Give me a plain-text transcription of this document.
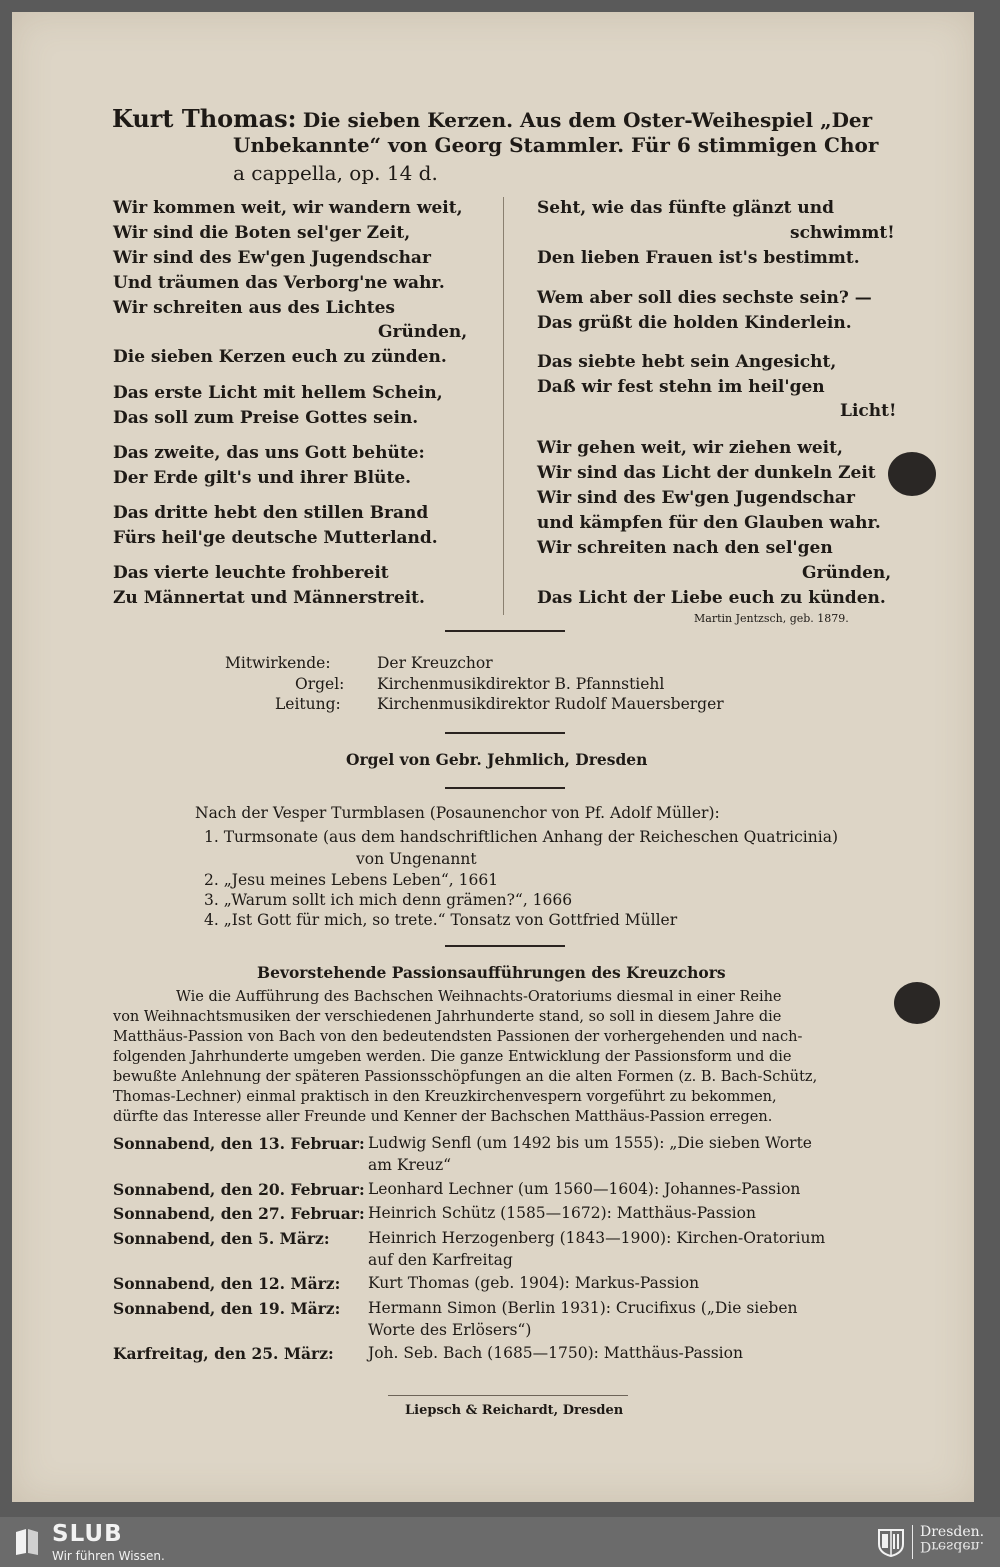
Kurt Thomas: Die sieben Kerzen. Aus dem Oster-Weihespiel „Der
Unbekannte“ von Georg Stammler. Für 6 stimmigen Chor
a cappella, op. 14 d.
Wir kommen weit, wir wandern weit,
Wir sind die Boten sel'ger Zeit,
Wir sind des Ew'gen Jugendschar
Und träumen das Verborg'ne wahr.
Wir schreiten aus des Lichtes
Gründen,
Die sieben Kerzen euch zu zünden.
Das erste Licht mit hellem Schein,
Das soll zum Preise Gottes sein.
Das zweite, das uns Gott behüte:
Der Erde gilt's und ihrer Blüte.
Das dritte hebt den stillen Brand
Fürs heil'ge deutsche Mutterland.
Das vierte leuchte frohbereit
Zu Männertat und Männerstreit.
Seht, wie das fünfte glänzt und
schwimmt!
Den lieben Frauen ist's bestimmt.
Wem aber soll dies sechste sein? —
Das grüßt die holden Kinderlein.
Das siebte hebt sein Angesicht,
Daß wir fest stehn im heil'gen
Licht!
Wir gehen weit, wir ziehen weit,
Wir sind das Licht der dunkeln Zeit
Wir sind des Ew'gen Jugendschar
und kämpfen für den Glauben wahr.
Wir schreiten nach den sel'gen
Gründen,
Das Licht der Liebe euch zu künden.
Martin Jentzsch, geb. 1879.
Mitwirkende:	Der Kreuzchor
Orgel: Kirchenmusikdirektor B. Pfannstiehl
Leitung: Kirchenmusikdirektor Rudolf Mauersberger
Orgel von Gebr. Jehmlich, Dresden
Nach der Vesper Turmblasen (Posaunenchor von Pf. Adolf Müller):
1. Turmsonate (aus dem handschriftlichen Anhang der Reicheschen Quatricinia)
von Ungenannt
2. „Jesu meines Lebens Leben“, 1661
3. „Warum sollt ich mich denn grämen?“, 1666
4. „Ist Gott für mich, so trete.“ Tonsatz von Gottfried Müller
Bevorstehende Passionsaufführungen des Kreuzchors
Wie die Aufführung des Bachschen Weihnachts-Oratoriums diesmal in einer Reihe
von Weihnachtsmusiken der verschiedenen Jahrhunderte stand, so soll in diesem Jahre die
Matthäus-Passion von Bach von den bedeutendsten Passionen der vorhergehenden und nach-
folgenden Jahrhunderte umgeben werden. Die ganze Entwicklung der Passionsform und die
bewußte Anlehnung der späteren Passionsschöpfungen an die alten Formen (z. B. Bach-Schütz,
Thomas-Lechner) einmal praktisch in den Kreuzkirchenvespern vorgeführt zu bekommen,
dürfte das Interesse aller Freunde und Kenner der Bachschen Matthäus-Passion erregen.
Sonnabend, den 13. Februar: Ludwig Senfl (um 1492 bis um 1555): „Die sieben Worte
am Kreuz“
Sonnabend, den 20. Februar: Leonhard Lechner (um 1560—1604): Johannes-Passion
Sonnabend, den 27. Februar: Heinrich Schütz (1585—1672): Matthäus-Passion
Sonnabend, den 5. März: Heinrich Herzogenberg (1843—1900): Kirchen-Oratorium
auf den Karfreitag
Sonnabend, den 12. März: Kurt Thomas (geb. 1904): Markus-Passion
Sonnabend, den 19. März: Hermann Simon (Berlin 1931): Crucifixus („Die sieben
Worte des Erlösers“)
Karfreitag, den 25. März: Joh. Seb. Bach (1685—1750): Matthäus-Passion
Liepsch & Reichardt, Dresden
SLUB
Wir führen Wissen.
Dresden.
Dresden.
